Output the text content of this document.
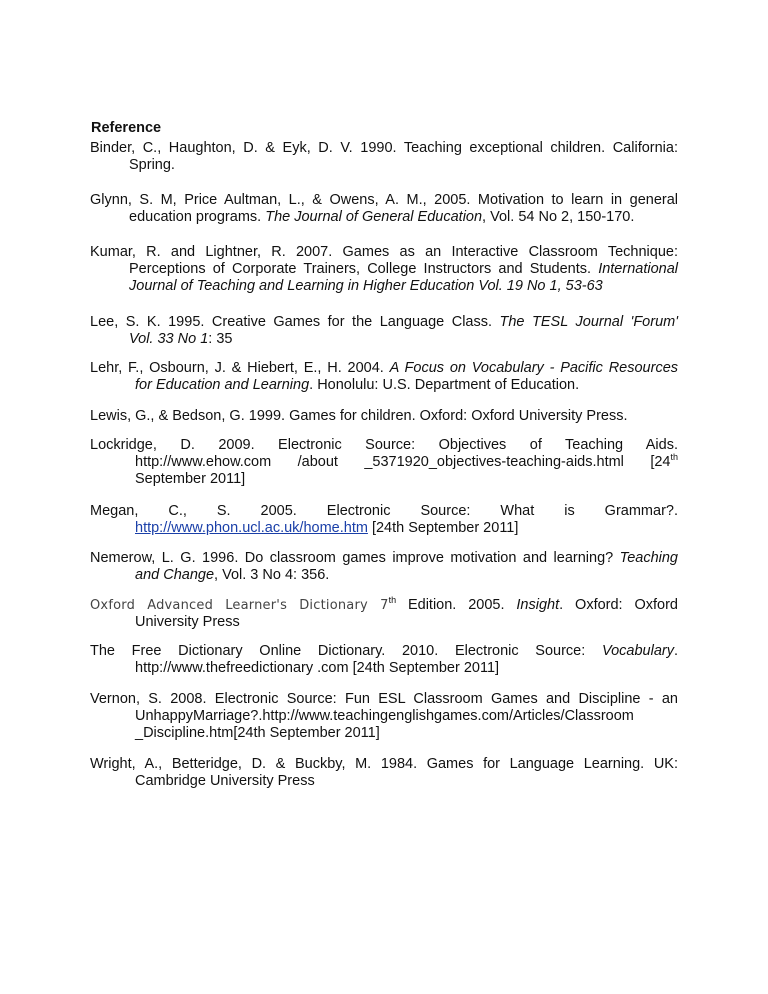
Reference
Binder, C., Haughton, D. & Eyk, D. V. 1990. Teaching exceptional children. California:
Spring.
Glynn, S. M, Price Aultman, L., & Owens, A. M., 2005. Motivation to learn in general
education programs. The Journal of General Education, Vol. 54 No 2, 150-170.
Kumar, R. and Lightner, R. 2007. Games as an Interactive Classroom Technique:
Perceptions of Corporate Trainers, College Instructors and Students. International
Journal of Teaching and Learning in Higher Education Vol. 19 No 1, 53-63
Lee, S. K. 1995. Creative Games for the Language Class. The TESL Journal 'Forum'
Vol. 33 No 1: 35
Lehr, F., Osbourn, J. & Hiebert, E., H. 2004. A Focus on Vocabulary - Pacific Resources
for Education and Learning. Honolulu: U.S. Department of Education.
Lewis, G., & Bedson, G. 1999. Games for children. Oxford: Oxford University Press.
Lockridge, D. 2009. Electronic Source: Objectives of Teaching Aids.
http://www.ehow.com /about _5371920_objectives-teaching-aids.html [24th
September 2011]
Megan, C., S. 2005. Electronic Source: What is Grammar?.
http://www.phon.ucl.ac.uk/home.htm [24th September 2011]
Nemerow, L. G. 1996. Do classroom games improve motivation and learning? Teaching
and Change, Vol. 3 No 4: 356.
Oxford Advanced Learner's Dictionary 7th Edition. 2005. Insight. Oxford: Oxford
University Press
The Free Dictionary Online Dictionary. 2010. Electronic Source: Vocabulary.
http://www.thefreedictionary .com [24th September 2011]
Vernon, S. 2008. Electronic Source: Fun ESL Classroom Games and Discipline - an
UnhappyMarriage?.http://www.teachingenglishgames.com/Articles/Classroom
_Discipline.htm[24th September 2011]
Wright, A., Betteridge, D. & Buckby, M. 1984. Games for Language Learning. UK:
Cambridge University Press
